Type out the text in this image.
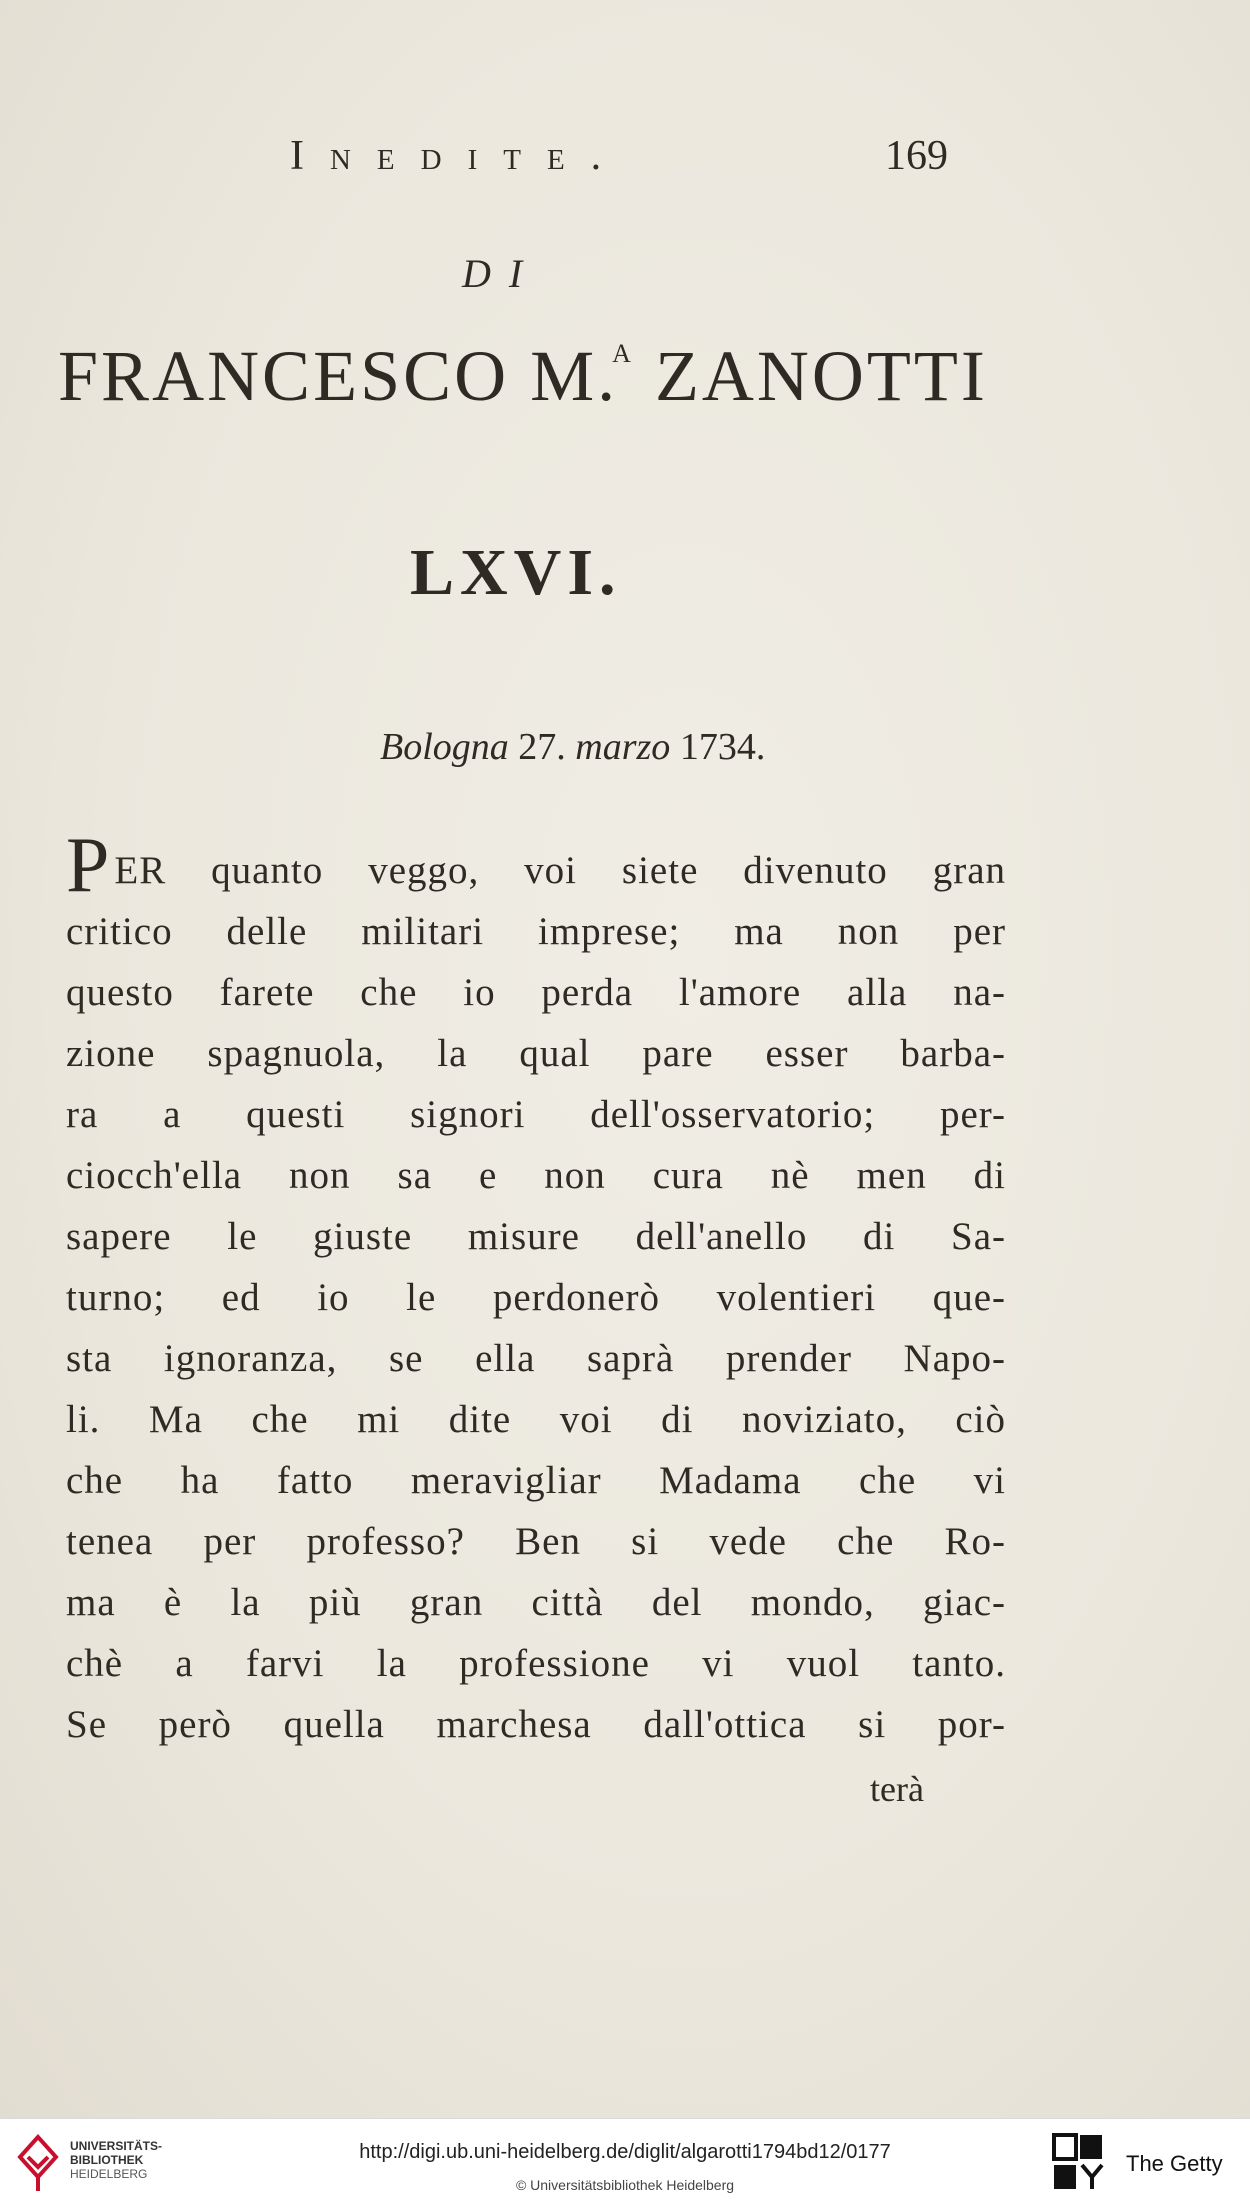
Inedite.	169
DI
FRANCESCO M.$^A$ ZANOTTI
LXVI.
Bologna 27. marzo 1734.
PER quanto veggo, voi siete divenuto gran
critico delle militari imprese; ma non per
questo farete che io perda l'amore alla na-
zione spagnuola, la qual pare esser barba-
ra a questi signori dell'osservatorio; per-
ciocch'ella non sa e non cura nè men di
sapere le giuste misure dell'anello di Sa-
turno; ed io le perdonerò volentieri que-
sta ignoranza, se ella saprà prender Napo-
li. Ma che mi dite voi di noviziato, ciò
che ha fatto meravigliar Madama che vi
tenea per professo? Ben si vede che Ro-
ma è la più gran città del mondo, giac-
chè a farvi la professione vi vuol tanto.
Se però quella marchesa dall'ottica si por-
terà
UNIVERSITÄTS-
BIBLIOTHEK
HEIDELBERG
http://digi.ub.uni-heidelberg.de/diglit/algarotti1794bd12/0177
© Universitätsbibliothek Heidelberg
The Getty
